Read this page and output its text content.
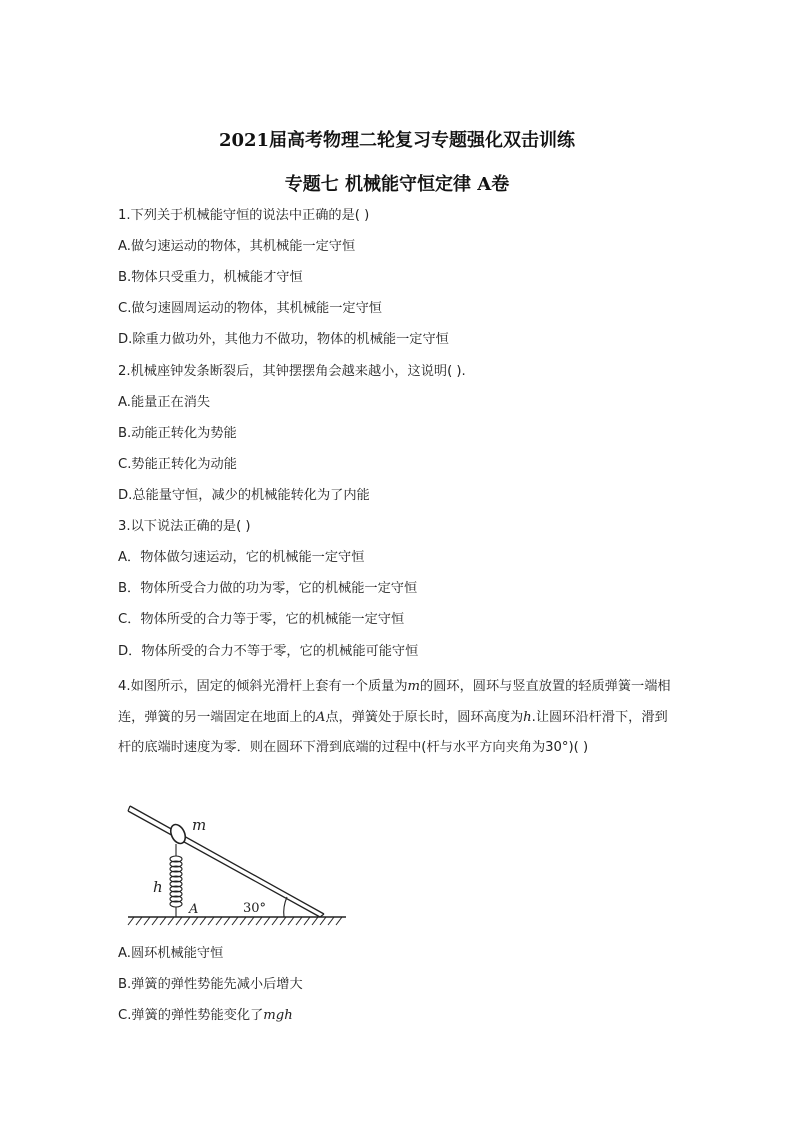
2021届高考物理二轮复习专题强化双击训练
专题七 机械能守恒定律 A卷
1.下列关于机械能守恒的说法中正确的是( )
A.做匀速运动的物体，其机械能一定守恒
B.物体只受重力，机械能才守恒
C.做匀速圆周运动的物体，其机械能一定守恒
D.除重力做功外，其他力不做功，物体的机械能一定守恒
2.机械座钟发条断裂后，其钟摆摆角会越来越小，这说明( ).
A.能量正在消失
B.动能正转化为势能
C.势能正转化为动能
D.总能量守恒，减少的机械能转化为了内能
3.以下说法正确的是( )
A．物体做匀速运动，它的机械能一定守恒
B．物体所受合力做的功为零，它的机械能一定守恒
C．物体所受的合力等于零，它的机械能一定守恒
D．物体所受的合力不等于零，它的机械能可能守恒
4.如图所示，固定的倾斜光滑杆上套有一个质量为m的圆环，圆环与竖直放置的轻质弹簧一端相连，弹簧的另一端固定在地面上的A点，弹簧处于原长时，圆环高度为h.让圆环沿杆滑下，滑到杆的底端时速度为零．则在圆环下滑到底端的过程中(杆与水平方向夹角为30°)( )
m
h
A	30°
A.圆环机械能守恒
B.弹簧的弹性势能先减小后增大
C.弹簧的弹性势能变化了mgh
